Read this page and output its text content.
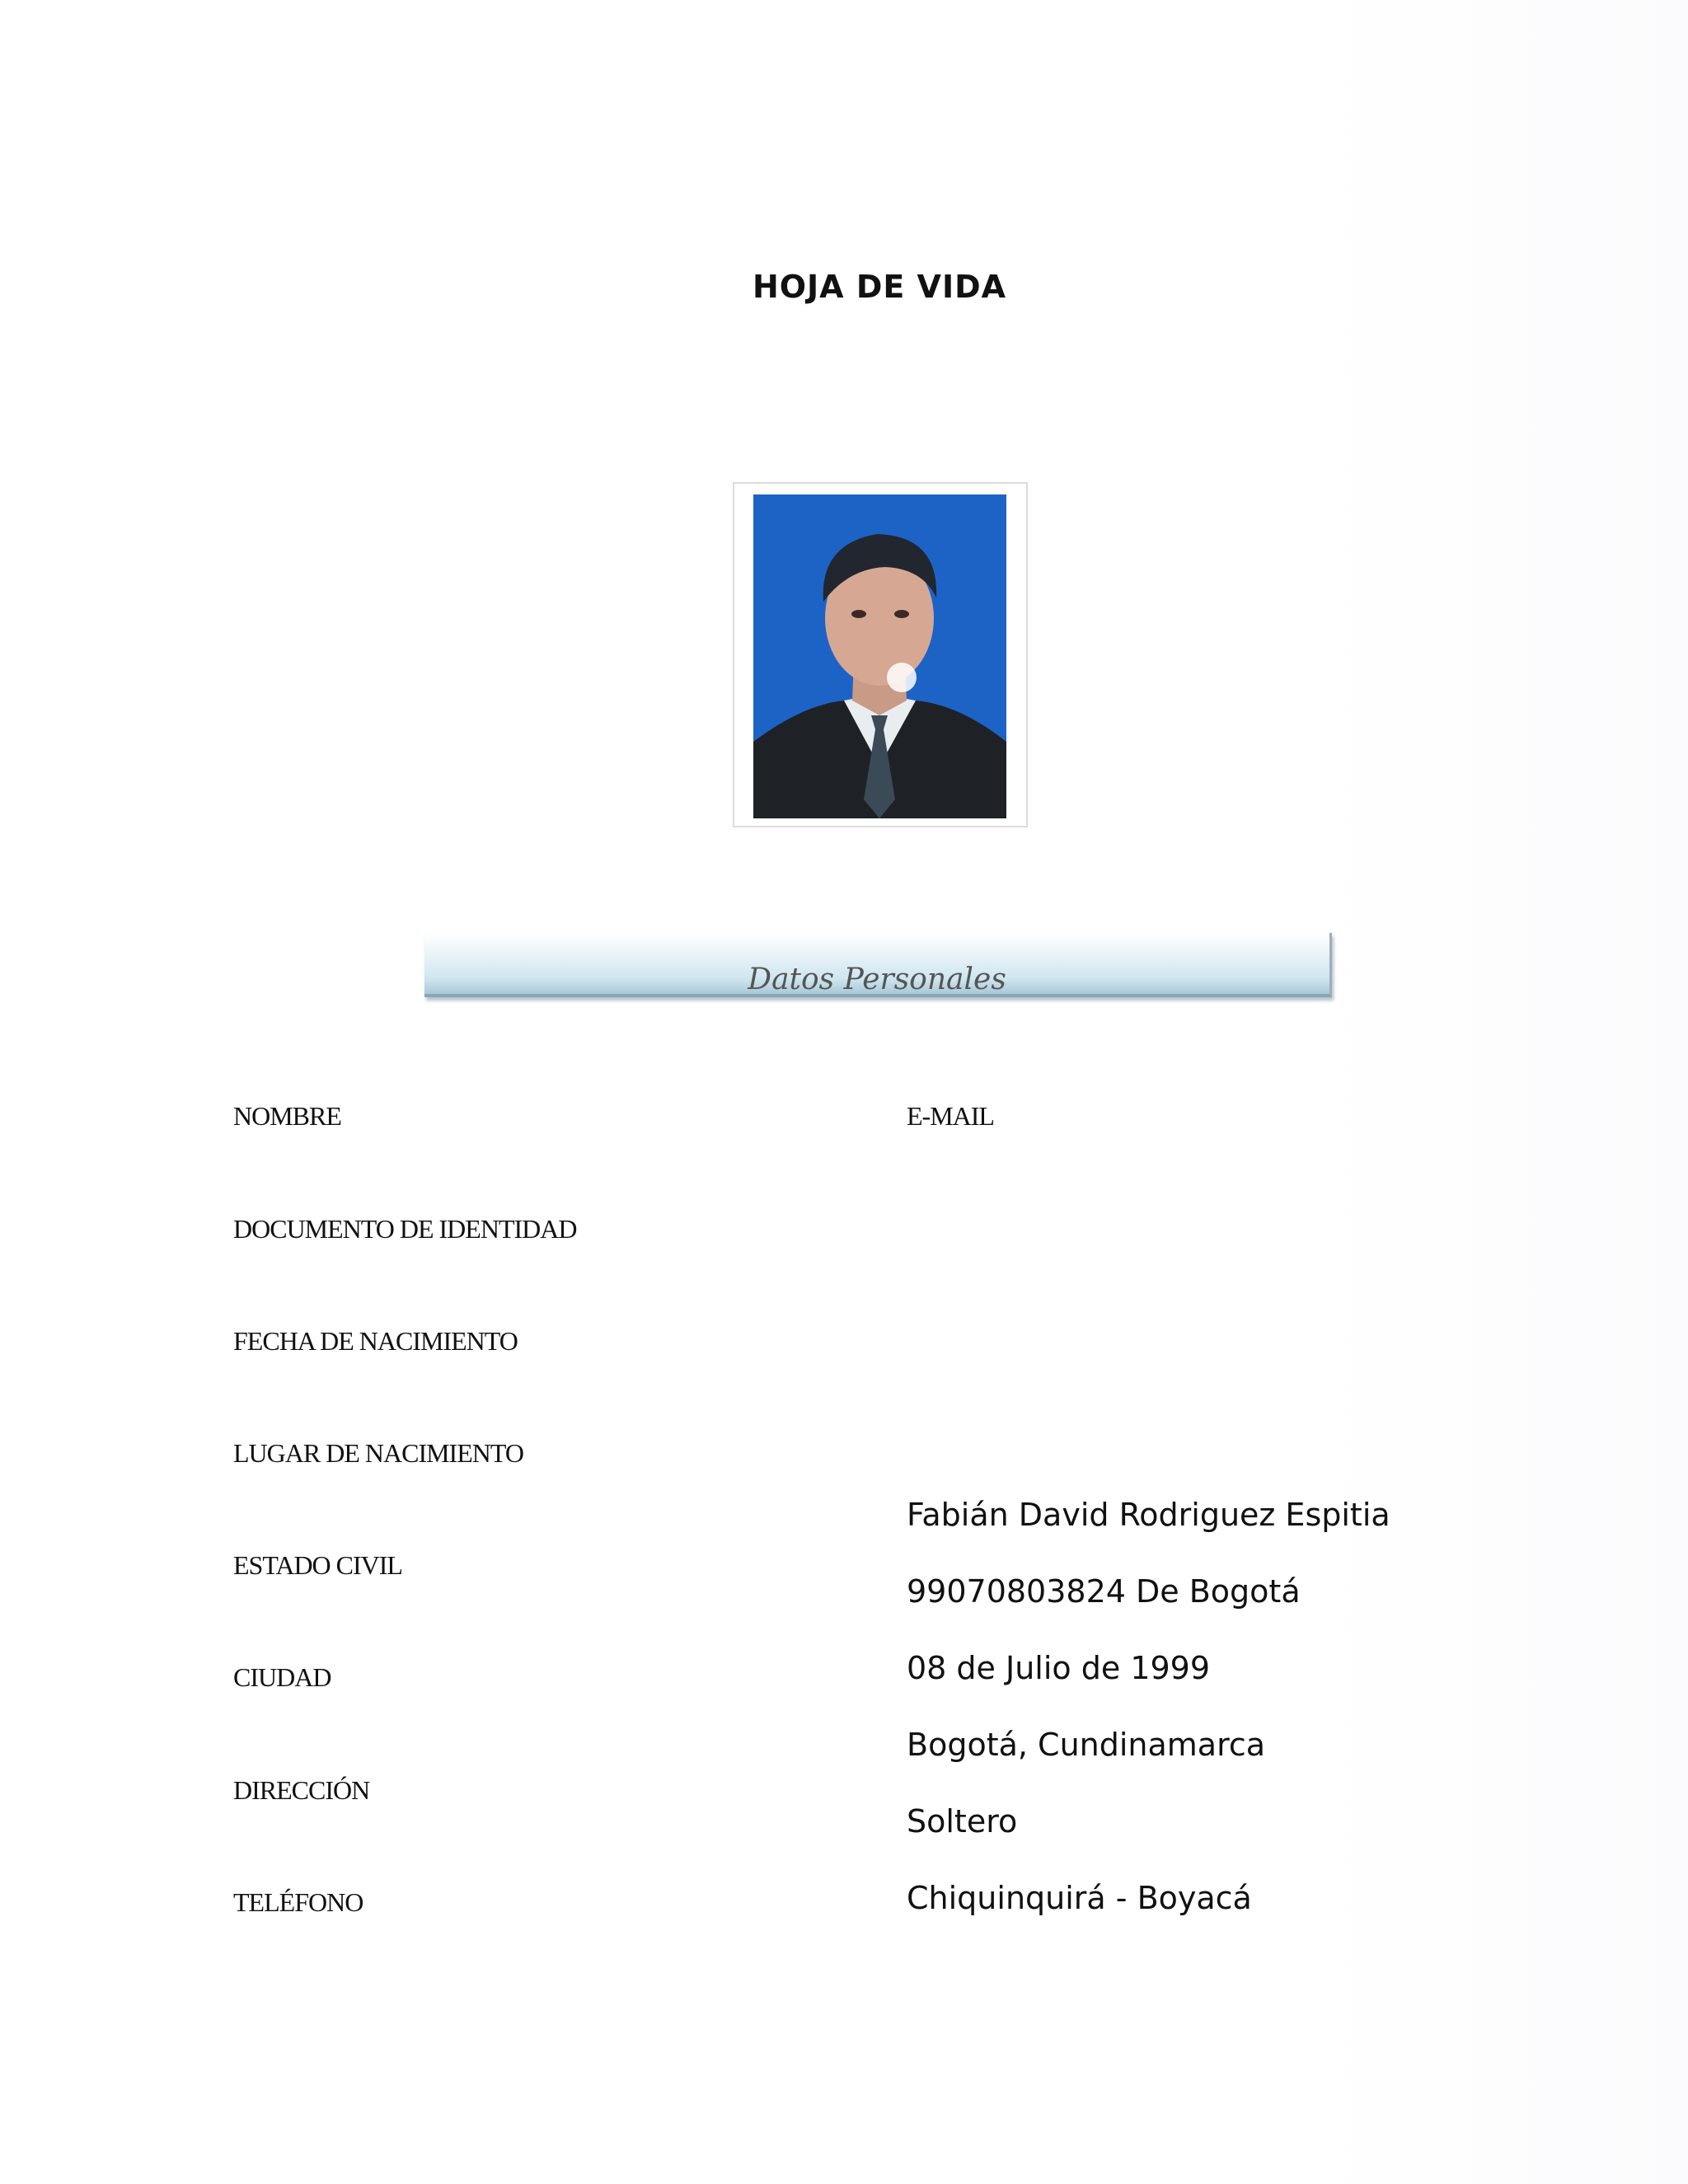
HOJA DE VIDA
Datos Personales
NOMBRE	E-MAIL
DOCUMENTO DE IDENTIDAD
FECHA DE NACIMIENTO
LUGAR DE NACIMIENTO
ESTADO CIVIL
CIUDAD
DIRECCIÓN
TELÉFONO
Fabián David Rodriguez Espitia
99070803824 De Bogotá
08 de Julio de 1999
Bogotá, Cundinamarca
Soltero
Chiquinquirá - Boyacá
